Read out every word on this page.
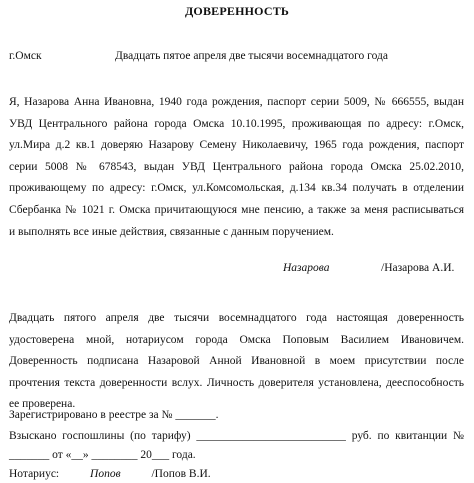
ДОВЕРЕННОСТЬ
г.Омск	Двадцать пятое апреля две тысячи восемнадцатого года
Я, Назарова Анна Ивановна, 1940 года рождения, паспорт серии 5009, № 666555, выдан
УВД Центрального района города Омска 10.10.1995, проживающая по адресу: г.Омск,
ул.Мира д.2 кв.1 доверяю Назарову Семену Николаевичу, 1965 года рождения, паспорт
серии 5008 № 678543, выдан УВД Центрального района города Омска 25.02.2010,
проживающему по адресу: г.Омск, ул.Комсомольская, д.134 кв.34 получать в отделении
Сбербанка № 1021 г. Омска причитающуюся мне пенсию, а также за меня расписываться
и выполнять все иные действия, связанные с данным поручением.
Назарова	/Назарова А.И.
Двадцать пятого апреля две тысячи восемнадцатого года настоящая доверенность
удостоверена мной, нотариусом города Омска Поповым Василием Ивановичем.
Доверенность подписана Назаровой Анной Ивановной в моем присутствии после
прочтения текста доверенности вслух. Личность доверителя установлена, дееспособность
ее проверена.
Зарегистрировано в реестре за № _______.
Взыскано госпошлины (по тарифу) __________________________ руб. по квитанции №
_______ от «__» ________ 20___ года.
Нотариус:	Попов	/Попов В.И.
